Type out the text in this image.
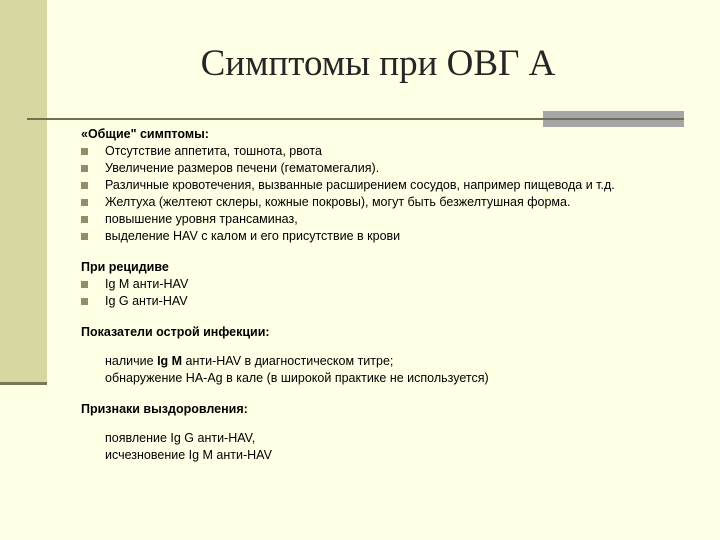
Симптомы при ОВГ А
«Общие" симптомы:
Отсутствие аппетита, тошнота, рвота
Увеличение размеров печени (гематомегалия).
Различные кровотечения, вызванные расширением сосудов, например пищевода и т.д.
Желтуха (желтеют склеры, кожные покровы), могут быть безжелтушная форма.
повышение уровня трансаминаз,
выделение HAV с калом и его присутствие в крови
При рецидиве
Ig M анти-HAV
Ig G анти-HAV
Показатели острой инфекции:
наличие Ig M анти-HAV в диагностическом титре;
обнаружение НА-Ag в кале (в широкой практике не используется)
Признаки выздоровления:
появление Ig G анти-HAV,
исчезновение Ig M анти-HAV
